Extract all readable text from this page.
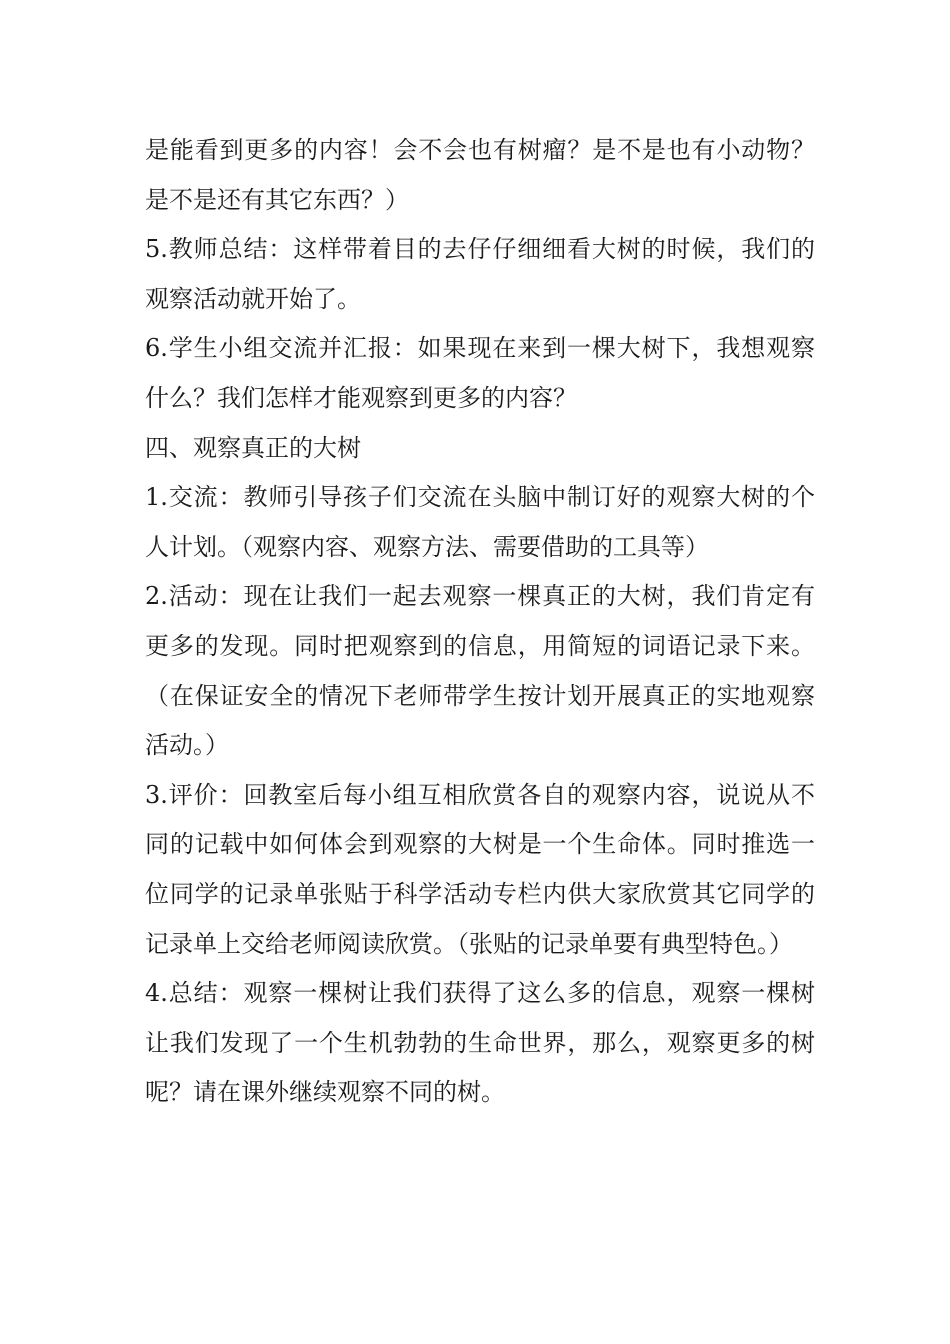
是能看到更多的内容！会不会也有树瘤？是不是也有小动物？是不是还有其它东西？）

5.教师总结：这样带着目的去仔仔细细看大树的时候，我们的观察活动就开始了。

6.学生小组交流并汇报：如果现在来到一棵大树下，我想观察什么？我们怎样才能观察到更多的内容？

四、观察真正的大树

1.交流：教师引导孩子们交流在头脑中制订好的观察大树的个人计划。（观察内容、观察方法、需要借助的工具等）

2.活动：现在让我们一起去观察一棵真正的大树，我们肯定有更多的发现。同时把观察到的信息，用简短的词语记录下来。（在保证安全的情况下老师带学生按计划开展真正的实地观察活动。）

3.评价：回教室后每小组互相欣赏各自的观察内容，说说从不同的记载中如何体会到观察的大树是一个生命体。同时推选一位同学的记录单张贴于科学活动专栏内供大家欣赏其它同学的记录单上交给老师阅读欣赏。（张贴的记录单要有典型特色。）

4.总结：观察一棵树让我们获得了这么多的信息，观察一棵树让我们发现了一个生机勃勃的生命世界，那么，观察更多的树呢？请在课外继续观察不同的树。
